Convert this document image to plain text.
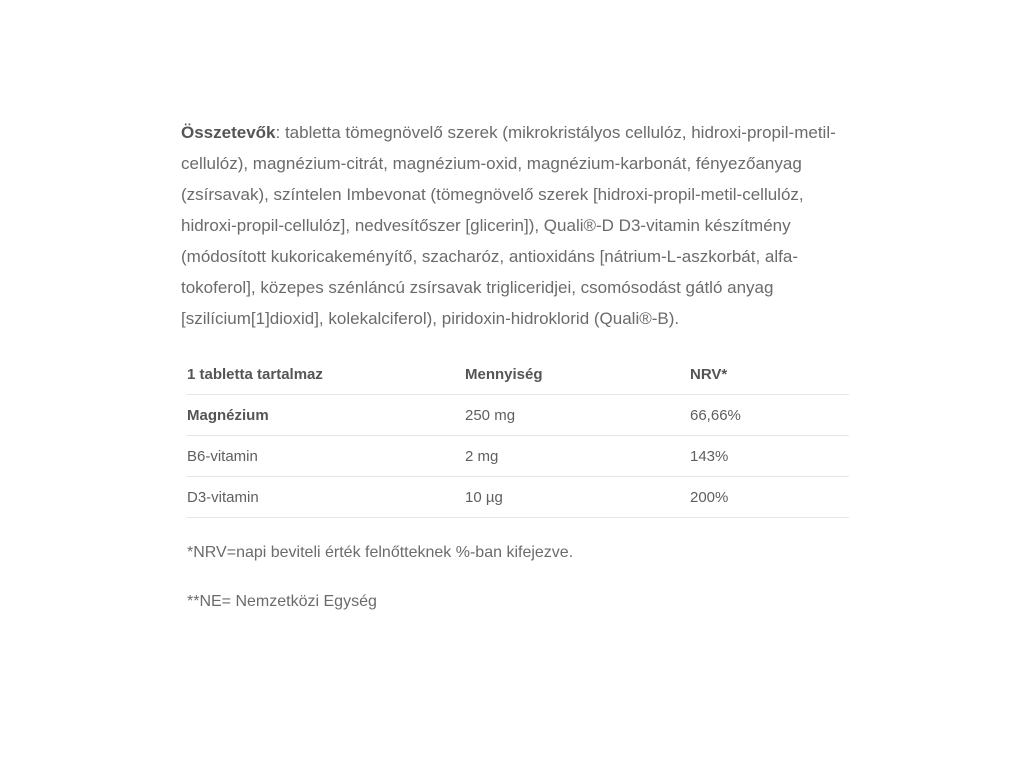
Összetevők: tabletta tömegnövelő szerek (mikrokristályos cellulóz, hidroxi-propil-metil-cellulóz), magnézium-citrát, magnézium-oxid, magnézium-karbonát, fényezőanyag (zsírsavak), színtelen Imbevonat (tömegnövelő szerek [hidroxi-propil-metil-cellulóz, hidroxi-propil-cellulóz], nedvesítőszer [glicerin]), Quali®-D D3-vitamin készítmény (módosított kukoricakeményítő, szacharóz, antioxidáns [nátrium-L-aszkorbát, alfa-tokoferol], közepes szénláncú zsírsavak trigliceridjei, csomósodást gátló anyag [szilícium[1]dioxid], kolekalciferol), piridoxin-hidroklorid (Quali®-B).

1 tabletta tartalmaz	Mennyiség	NRV*
Magnézium	250 mg	66,66%
B6-vitamin	2 mg	143%
D3-vitamin	10 µg	200%

*NRV=napi beviteli érték felnőtteknek %-ban kifejezve.

**NE= Nemzetközi Egység
